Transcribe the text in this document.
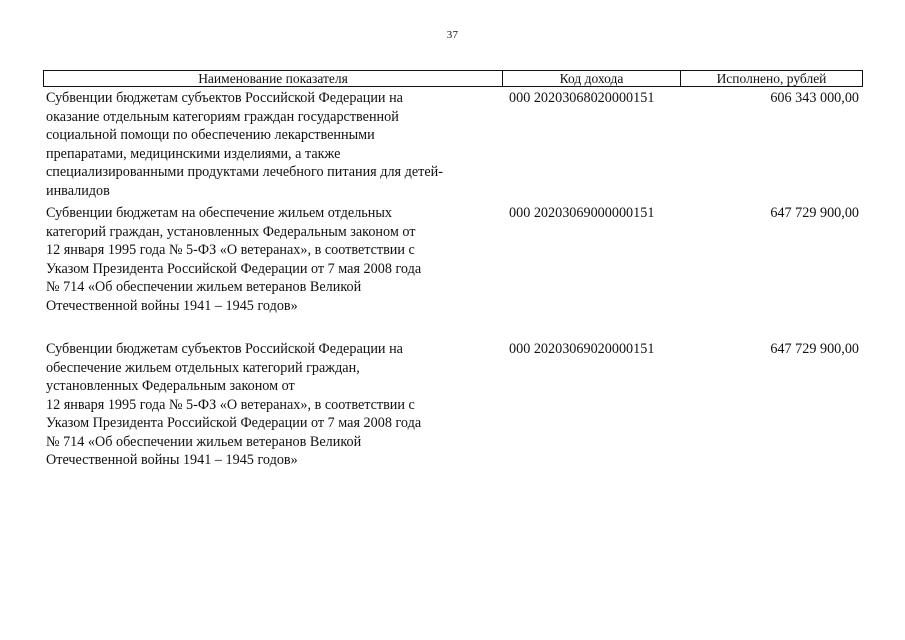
37
Наименование показателя	Код дохода	Исполнено, рублей
Субвенции бюджетам субъектов Российской Федерации на
оказание отдельным категориям граждан государственной
социальной помощи по обеспечению лекарственными
препаратами, медицинскими изделиями, а также
специализированными продуктами лечебного питания для детей-
инвалидов
000 20203068020000151	606 343 000,00
Субвенции бюджетам на обеспечение жильем отдельных
категорий граждан, установленных Федеральным законом от
12 января 1995 года № 5-ФЗ «О ветеранах», в соответствии с
Указом Президента Российской Федерации от 7 мая 2008 года
№ 714 «Об обеспечении жильем ветеранов Великой
Отечественной войны 1941 – 1945 годов»
000 20203069000000151	647 729 900,00
Субвенции бюджетам субъектов Российской Федерации на
обеспечение жильем отдельных категорий граждан,
установленных Федеральным законом от
12 января 1995 года № 5-ФЗ «О ветеранах», в соответствии с
Указом Президента Российской Федерации от 7 мая 2008 года
№ 714 «Об обеспечении жильем ветеранов Великой
Отечественной войны 1941 – 1945 годов»
000 20203069020000151	647 729 900,00
